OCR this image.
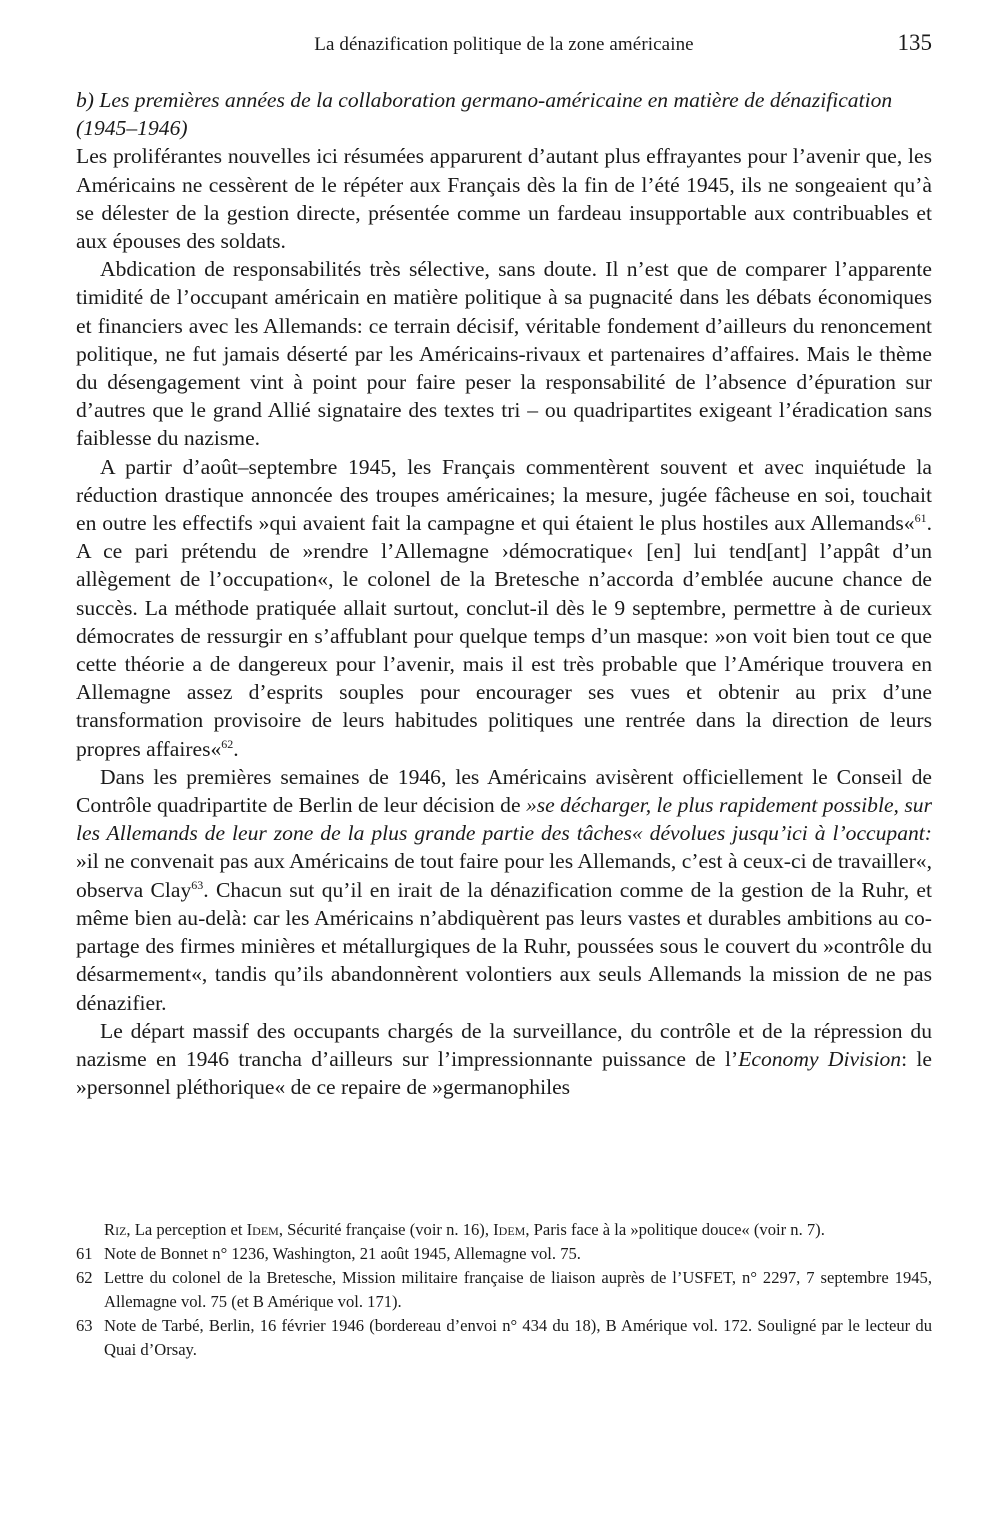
La dénazification politique de la zone américaine	135

b) Les premières années de la collaboration germano-américaine en matière de dénazification (1945–1946)

Les proliférantes nouvelles ici résumées apparurent d’autant plus effrayantes pour l’avenir que, les Américains ne cessèrent de le répéter aux Français dès la fin de l’été 1945, ils ne songeaient qu’à se délester de la gestion directe, présentée comme un fardeau insupportable aux contribuables et aux épouses des soldats.

Abdication de responsabilités très sélective, sans doute. Il n’est que de comparer l’apparente timidité de l’occupant américain en matière politique à sa pugnacité dans les débats économiques et financiers avec les Allemands: ce terrain décisif, véritable fondement d’ailleurs du renoncement politique, ne fut jamais déserté par les Américains-rivaux et partenaires d’affaires. Mais le thème du désengagement vint à point pour faire peser la responsabilité de l’absence d’épuration sur d’autres que le grand Allié signataire des textes tri – ou quadripartites exigeant l’éradication sans faiblesse du nazisme.

A partir d’août–septembre 1945, les Français commentèrent souvent et avec inquiétude la réduction drastique annoncée des troupes américaines; la mesure, jugée fâcheuse en soi, touchait en outre les effectifs »qui avaient fait la campagne et qui étaient le plus hostiles aux Allemands«$^{61}$. A ce pari prétendu de »rendre l’Allemagne ›démocratique‹ [en] lui tend[ant] l’appât d’un allègement de l’occupation«, le colonel de la Bretesche n’accorda d’emblée aucune chance de succès. La méthode pratiquée allait surtout, conclut-il dès le 9 septembre, permettre à de curieux démocrates de ressurgir en s’affublant pour quelque temps d’un masque: »on voit bien tout ce que cette théorie a de dangereux pour l’avenir, mais il est très probable que l’Amérique trouvera en Allemagne assez d’esprits souples pour encourager ses vues et obtenir au prix d’une transformation provisoire de leurs habitudes politiques une rentrée dans la direction de leurs propres affaires«$^{62}$.

Dans les premières semaines de 1946, les Américains avisèrent officiellement le Conseil de Contrôle quadripartite de Berlin de leur décision de »se décharger, le plus rapidement possible, sur les Allemands de leur zone de la plus grande partie des tâches« dévolues jusqu’ici à l’occupant: »il ne convenait pas aux Américains de tout faire pour les Allemands, c’est à ceux-ci de travailler«, observa Clay$^{63}$. Chacun sut qu’il en irait de la dénazification comme de la gestion de la Ruhr, et même bien au-delà: car les Américains n’abdiquèrent pas leurs vastes et durables ambitions au co-partage des firmes minières et métallurgiques de la Ruhr, poussées sous le couvert du »contrôle du désarmement«, tandis qu’ils abandonnèrent volontiers aux seuls Allemands la mission de ne pas dénazifier.

Le départ massif des occupants chargés de la surveillance, du contrôle et de la répression du nazisme en 1946 trancha d’ailleurs sur l’impressionnante puissance de l’Economy Division: le »personnel pléthorique« de ce repaire de »germanophiles

Riz, La perception et Idem, Sécurité française (voir n. 16), Idem, Paris face à la »politique douce« (voir n. 7).

61 Note de Bonnet n° 1236, Washington, 21 août 1945, Allemagne vol. 75.

62 Lettre du colonel de la Bretesche, Mission militaire française de liaison auprès de l’USFET, n° 2297, 7 septembre 1945, Allemagne vol. 75 (et B Amérique vol. 171).

63 Note de Tarbé, Berlin, 16 février 1946 (bordereau d’envoi n° 434 du 18), B Amérique vol. 172. Souligné par le lecteur du Quai d’Orsay.
